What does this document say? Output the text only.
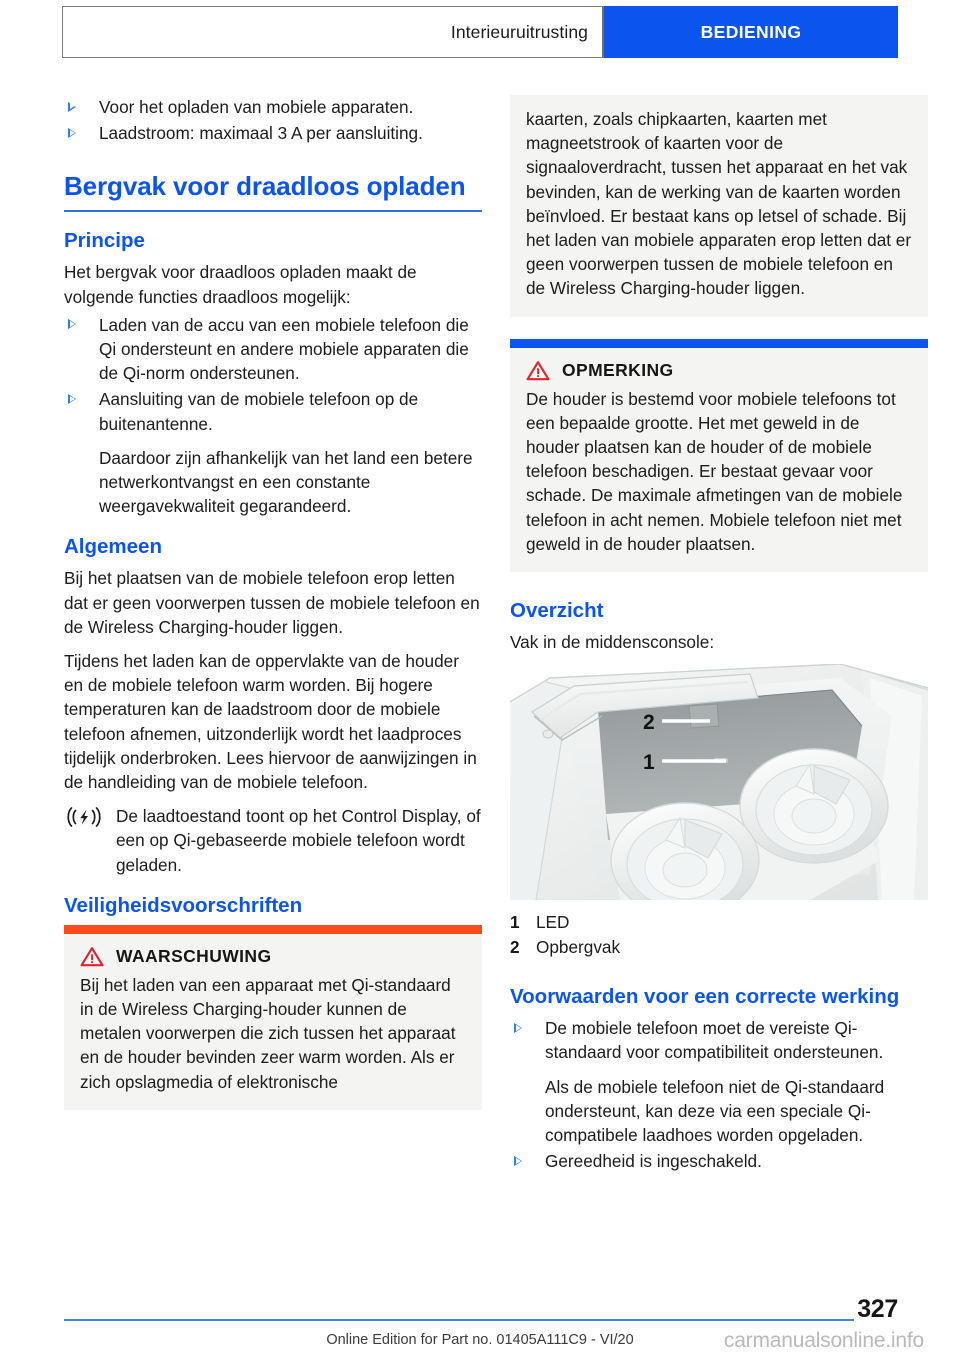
Interieuruitrusting	BEDIENING
Voor het opladen van mobiele apparaten.
Laadstroom: maximaal 3 A per aansluiting.
Bergvak voor draadloos opladen
Principe

Het bergvak voor draadloos opladen maakt de volgende functies draadloos mogelijk:

Laden van de accu van een mobiele telefoon die Qi ondersteunt en andere mobiele apparaten die de Qi-norm ondersteunen.
Aansluiting van de mobiele telefoon op de buitenantenne.
Daardoor zijn afhankelijk van het land een betere netwerkontvangst en een constante weergavekwaliteit gegarandeerd.
Algemeen

Bij het plaatsen van de mobiele telefoon erop letten dat er geen voorwerpen tussen de mobiele telefoon en de Wireless Charging-houder liggen.

Tijdens het laden kan de oppervlakte van de houder en de mobiele telefoon warm worden. Bij hogere temperaturen kan de laadstroom door de mobiele telefoon afnemen, uitzonderlijk wordt het laadproces tijdelijk onderbroken. Lees hiervoor de aanwijzingen in de handleiding van de mobiele telefoon.

De laadtoestand toont op het Control Display, of een op Qi-gebaseerde mobiele telefoon wordt geladen.
Veiligheidsvoorschriften
WAARSCHUWING

Bij het laden van een apparaat met Qi-standaard in de Wireless Charging-houder kunnen de metalen voorwerpen die zich tussen het apparaat en de houder bevinden zeer warm worden. Als er zich opslagmedia of elektronische

kaarten, zoals chipkaarten, kaarten met magneetstrook of kaarten voor de signaaloverdracht, tussen het apparaat en het vak bevinden, kan de werking van de kaarten worden beïnvloed. Er bestaat kans op letsel of schade. Bij het laden van mobiele apparaten erop letten dat er geen voorwerpen tussen de mobiele telefoon en de Wireless Charging-houder liggen.

OPMERKING

De houder is bestemd voor mobiele telefoons tot een bepaalde grootte. Het met geweld in de houder plaatsen kan de houder of de mobiele telefoon beschadigen. Er bestaat gevaar voor schade. De maximale afmetingen van de mobiele telefoon in acht nemen. Mobiele telefoon niet met geweld in de houder plaatsen.

Overzicht

Vak in de middensconsole:

2
1
1 LED
2 Opbergvak
Voorwaarden voor een correcte werking
De mobiele telefoon moet de vereiste Qi-standaard voor compatibiliteit ondersteunen.
Als de mobiele telefoon niet de Qi-standaard ondersteunt, kan deze via een speciale Qi-compatibele laadhoes worden opgeladen.
Gereedheid is ingeschakeld.
327
Online Edition for Part no. 01405A111C9 - VI/20	carmanualsonline.info
